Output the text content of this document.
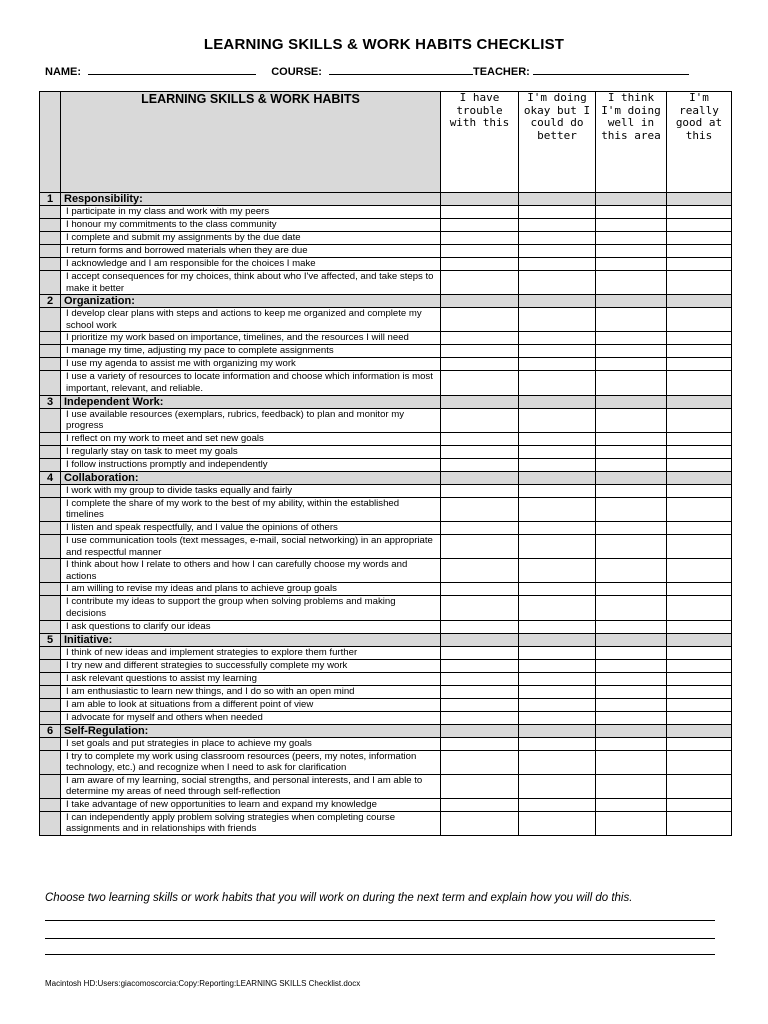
LEARNING SKILLS & WORK HABITS CHECKLIST
NAME:	COURSE:	TEACHER:
	LEARNING SKILLS & WORK HABITS	I have trouble with this	I'm doing okay but I could do better	I think I'm doing well in this area	I'm really good at this
1	Responsibility:				
	I participate in my class and work with my peers				
	I honour my commitments to the class community				
	I complete and submit my assignments by the due date				
	I return forms and borrowed materials when they are due				
	I acknowledge and I am responsible for the choices I make				
	I accept consequences for my choices, think about who I've affected, and take steps to make it better				
2	Organization:				
	I develop clear plans with steps and actions to keep me organized and complete my school work				
	I prioritize my work based on importance, timelines, and the resources I will need				
	I manage my time, adjusting my pace to complete assignments				
	I use my agenda to assist me with organizing my work				
	I use a variety of resources to locate information and choose which information is most important, relevant, and reliable.				
3	Independent Work:				
	I use available resources (exemplars, rubrics, feedback) to plan and monitor my progress				
	I reflect on my work to meet and set new goals				
	I regularly stay on task to meet my goals				
	I follow instructions promptly and independently				
4	Collaboration:				
	I work with my group to divide tasks equally and fairly				
	I complete the share of my work to the best of my ability, within the established timelines				
	I listen and speak respectfully, and I value the opinions of others				
	I use communication tools (text messages, e-mail, social networking) in an appropriate and respectful manner				
	I think about how I relate to others and how I can carefully choose my words and actions				
	I am willing to revise my ideas and plans to achieve group goals				
	I contribute my ideas to support the group when solving problems and making decisions				
	I ask questions to clarify our ideas				
5	Initiative:				
	I think of new ideas and implement strategies to explore them further				
	I try new and different strategies to successfully complete my work				
	I ask relevant questions to assist my learning				
	I am enthusiastic to learn new things, and I do so with an open mind				
	I am able to look at situations from a different point of view				
	I advocate for myself and others when needed				
6	Self-Regulation:				
	I set goals and put strategies in place to achieve my goals				
	I try to complete my work using classroom resources (peers, my notes, information technology, etc.) and recognize when I need to ask for clarification				
	I am aware of my learning, social strengths, and personal interests, and I am able to determine my areas of need through self-reflection				
	I take advantage of new opportunities to learn and expand my knowledge				
	I can independently apply problem solving strategies when completing course assignments and in relationships with friends				
Choose two learning skills or work habits that you will work on during the next term and explain how you will do this.
Macintosh HD:Users:giacomoscorcia:Copy:Reporting:LEARNING SKILLS Checklist.docx
